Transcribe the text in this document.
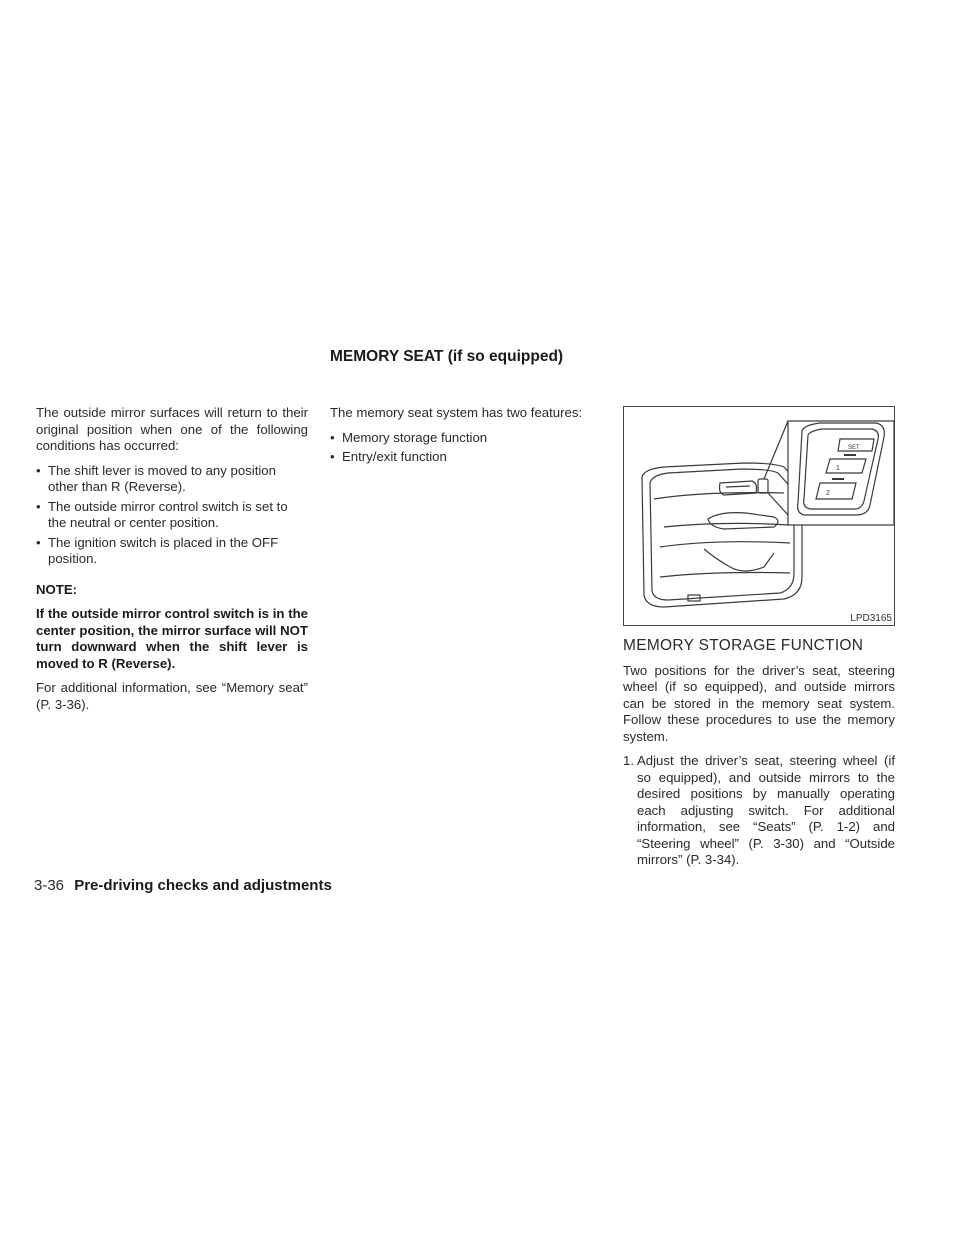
MEMORY SEAT (if so equipped)

The outside mirror surfaces will return to their original position when one of the following conditions has occurred:

• The shift lever is moved to any position other than R (Reverse).
• The outside mirror control switch is set to the neutral or center position.
• The ignition switch is placed in the OFF position.

NOTE:

If the outside mirror control switch is in the center position, the mirror surface will NOT turn downward when the shift lever is moved to R (Reverse).

For additional information, see “Memory seat” (P. 3-36).

The memory seat system has two features:

• Memory storage function
• Entry/exit function
SET
1
2
LPD3165

MEMORY STORAGE FUNCTION

Two positions for the driver’s seat, steering wheel (if so equipped), and outside mirrors can be stored in the memory seat system. Follow these procedures to use the memory system.

1. Adjust the driver’s seat, steering wheel (if so equipped), and outside mirrors to the desired positions by manually operating each adjusting switch. For additional information, see “Seats” (P. 1-2) and “Steering wheel” (P. 3-30) and “Outside mirrors” (P. 3-34).
3-36 Pre-driving checks and adjustments
